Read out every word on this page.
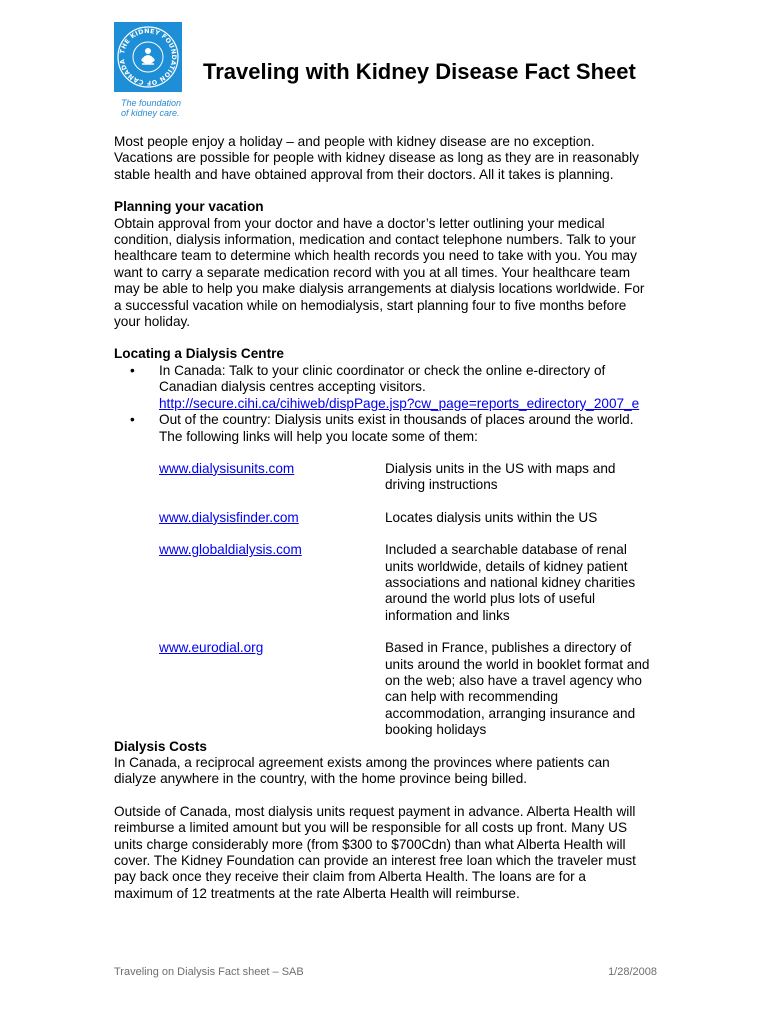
THE KIDNEY FOUNDATION OF CANADA
The foundation
of kidney care.
Traveling with Kidney Disease Fact Sheet

Most people enjoy a holiday – and people with kidney disease are no exception.
Vacations are possible for people with kidney disease as long as they are in reasonably
stable health and have obtained approval from their doctors. All it takes is planning.

Planning your vacation

Obtain approval from your doctor and have a doctor’s letter outlining your medical
condition, dialysis information, medication and contact telephone numbers. Talk to your
healthcare team to determine which health records you need to take with you. You may
want to carry a separate medication record with you at all times. Your healthcare team
may be able to help you make dialysis arrangements at dialysis locations worldwide. For
a successful vacation while on hemodialysis, start planning four to five months before
your holiday.

Locating a Dialysis Centre

• In Canada: Talk to your clinic coordinator or check the online e-directory of
Canadian dialysis centres accepting visitors.
http://secure.cihi.ca/cihiweb/dispPage.jsp?cw_page=reports_edirectory_2007_e
• Out of the country: Dialysis units exist in thousands of places around the world.
The following links will help you locate some of them:
www.dialysisunits.com	Dialysis units in the US with maps and
driving instructions
www.dialysisfinder.com	Locates dialysis units within the US
www.globaldialysis.com	Included a searchable database of renal
units worldwide, details of kidney patient
associations and national kidney charities
around the world plus lots of useful
information and links
www.eurodial.org	Based in France, publishes a directory of
units around the world in booklet format and
on the web; also have a travel agency who
can help with recommending
accommodation, arranging insurance and
booking holidays

Dialysis Costs

In Canada, a reciprocal agreement exists among the provinces where patients can
dialyze anywhere in the country, with the home province being billed.

Outside of Canada, most dialysis units request payment in advance. Alberta Health will
reimburse a limited amount but you will be responsible for all costs up front. Many US
units charge considerably more (from $300 to $700Cdn) than what Alberta Health will
cover. The Kidney Foundation can provide an interest free loan which the traveler must
pay back once they receive their claim from Alberta Health. The loans are for a
maximum of 12 treatments at the rate Alberta Health will reimburse.

Traveling on Dialysis Fact sheet – SAB	1/28/2008
